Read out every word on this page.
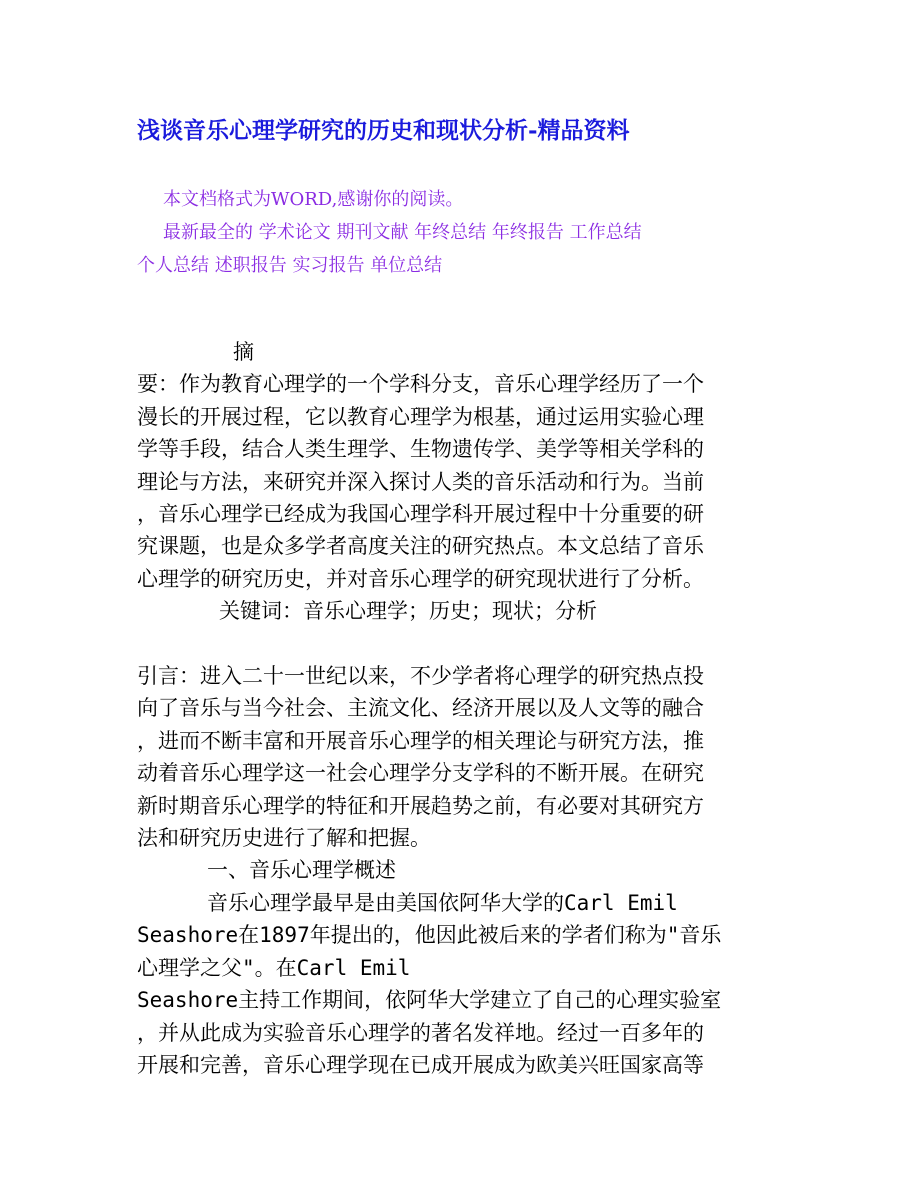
浅谈音乐心理学研究的历史和现状分析-精品资料

本文档格式为WORD,感谢你的阅读。

最新最全的 学术论文 期刊文献 年终总结 年终报告 工作总结

个人总结 述职报告 实习报告 单位总结

摘
要：作为教育心理学的一个学科分支，音乐心理学经历了一个
漫长的开展过程，它以教育心理学为根基，通过运用实验心理
学等手段，结合人类生理学、生物遗传学、美学等相关学科的
理论与方法，来研究并深入探讨人类的音乐活动和行为。当前
，音乐心理学已经成为我国心理学科开展过程中十分重要的研
究课题，也是众多学者高度关注的研究热点。本文总结了音乐
心理学的研究历史，并对音乐心理学的研究现状进行了分析。
关键词：音乐心理学；历史；现状；分析
引言：进入二十一世纪以来，不少学者将心理学的研究热点投
向了音乐与当今社会、主流文化、经济开展以及人文等的融合
，进而不断丰富和开展音乐心理学的相关理论与研究方法，推
动着音乐心理学这一社会心理学分支学科的不断开展。在研究
新时期音乐心理学的特征和开展趋势之前，有必要对其研究方
法和研究历史进行了解和把握。
一、音乐心理学概述
音乐心理学最早是由美国依阿华大学的Carl Emil
Seashore在1897年提出的，他因此被后来的学者们称为"音乐
心理学之父"。在Carl Emil
Seashore主持工作期间，依阿华大学建立了自己的心理实验室
，并从此成为实验音乐心理学的著名发祥地。经过一百多年的
开展和完善，音乐心理学现在已成开展成为欧美兴旺国家高等
